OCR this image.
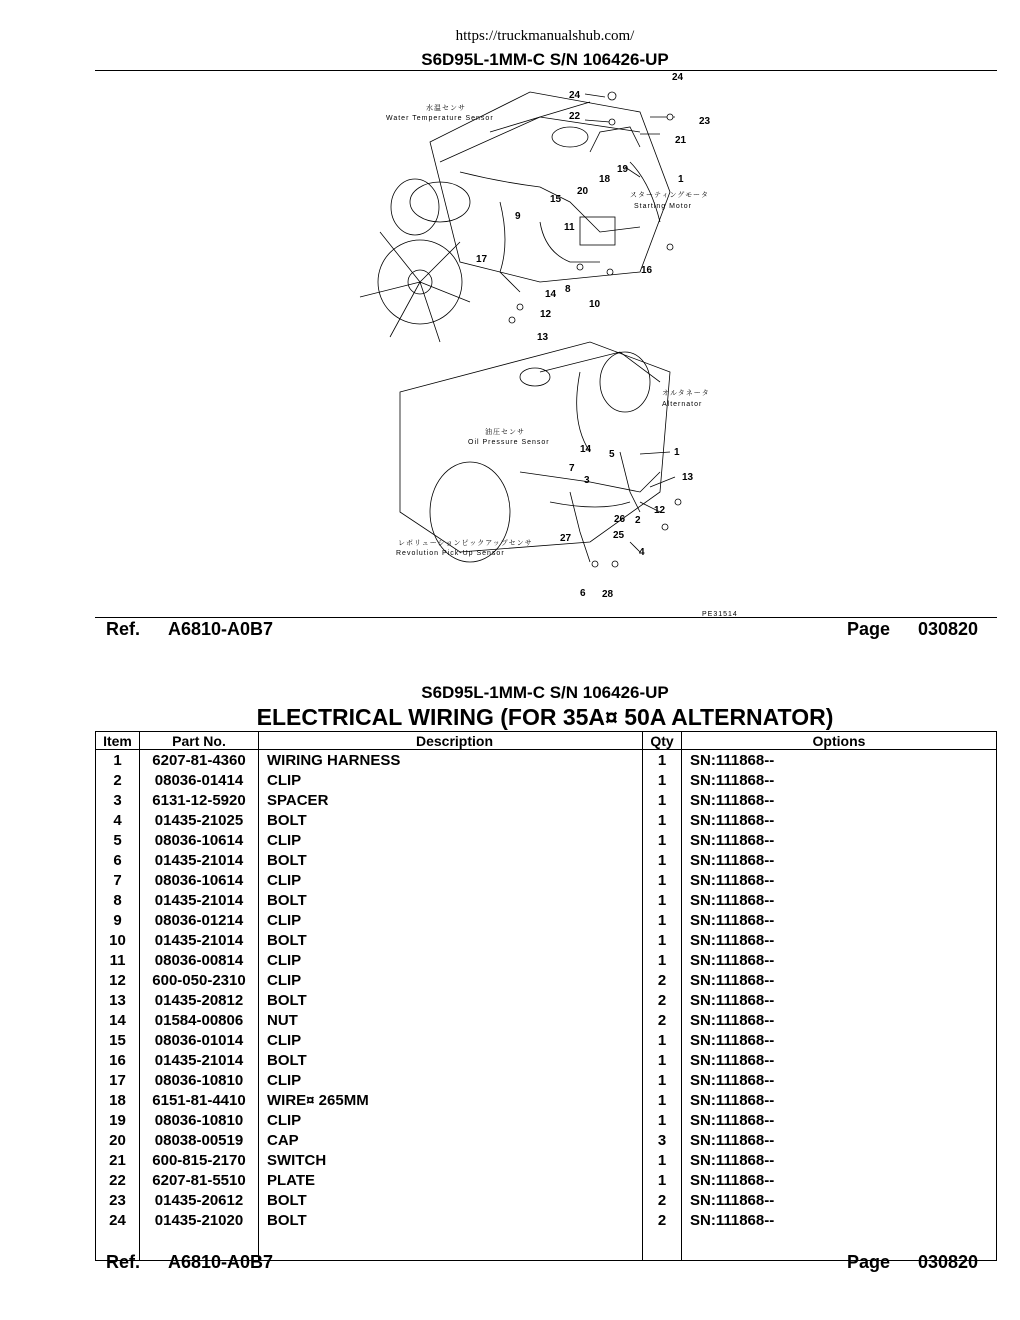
https://truckmanualshub.com/
S6D95L-1MM-C S/N 106426-UP
水温センサ
Water Temperature Sensor
スターティングモータ
Starting Motor
オルタネータ
Alternator
油圧センサ
Oil Pressure Sensor
レボリューションピックアップセンサ
Revolution Pick-Up Sensor
24
24
22	23
21
19
18	1
20
15
9
11
16
17
8
14
10
12
13
14 5	1
7
13
3
12
26 2
25
27
4
6 28
PE31514
Ref. A6810-A0B7	Page 030820
S6D95L-1MM-C S/N 106426-UP
ELECTRICAL WIRING (FOR 35A¤ 50A ALTERNATOR)
Item	Part No.	Description	Qty	Options
1	6207-81-4360	WIRING HARNESS	1	SN:111868--
2	08036-01414	CLIP	1	SN:111868--
3	6131-12-5920	SPACER	1	SN:111868--
4	01435-21025	BOLT	1	SN:111868--
5	08036-10614	CLIP	1	SN:111868--
6	01435-21014	BOLT	1	SN:111868--
7	08036-10614	CLIP	1	SN:111868--
8	01435-21014	BOLT	1	SN:111868--
9	08036-01214	CLIP	1	SN:111868--
10	01435-21014	BOLT	1	SN:111868--
11	08036-00814	CLIP	1	SN:111868--
12	600-050-2310	CLIP	2	SN:111868--
13	01435-20812	BOLT	2	SN:111868--
14	01584-00806	NUT	2	SN:111868--
15	08036-01014	CLIP	1	SN:111868--
16	01435-21014	BOLT	1	SN:111868--
17	08036-10810	CLIP	1	SN:111868--
18	6151-81-4410	WIRE¤ 265MM	1	SN:111868--
19	08036-10810	CLIP	1	SN:111868--
20	08038-00519	CAP	3	SN:111868--
21	600-815-2170	SWITCH	1	SN:111868--
22	6207-81-5510	PLATE	1	SN:111868--
23	01435-20612	BOLT	2	SN:111868--
24	01435-21020	BOLT	2	SN:111868--

Ref. A6810-A0B7	Page 030820
